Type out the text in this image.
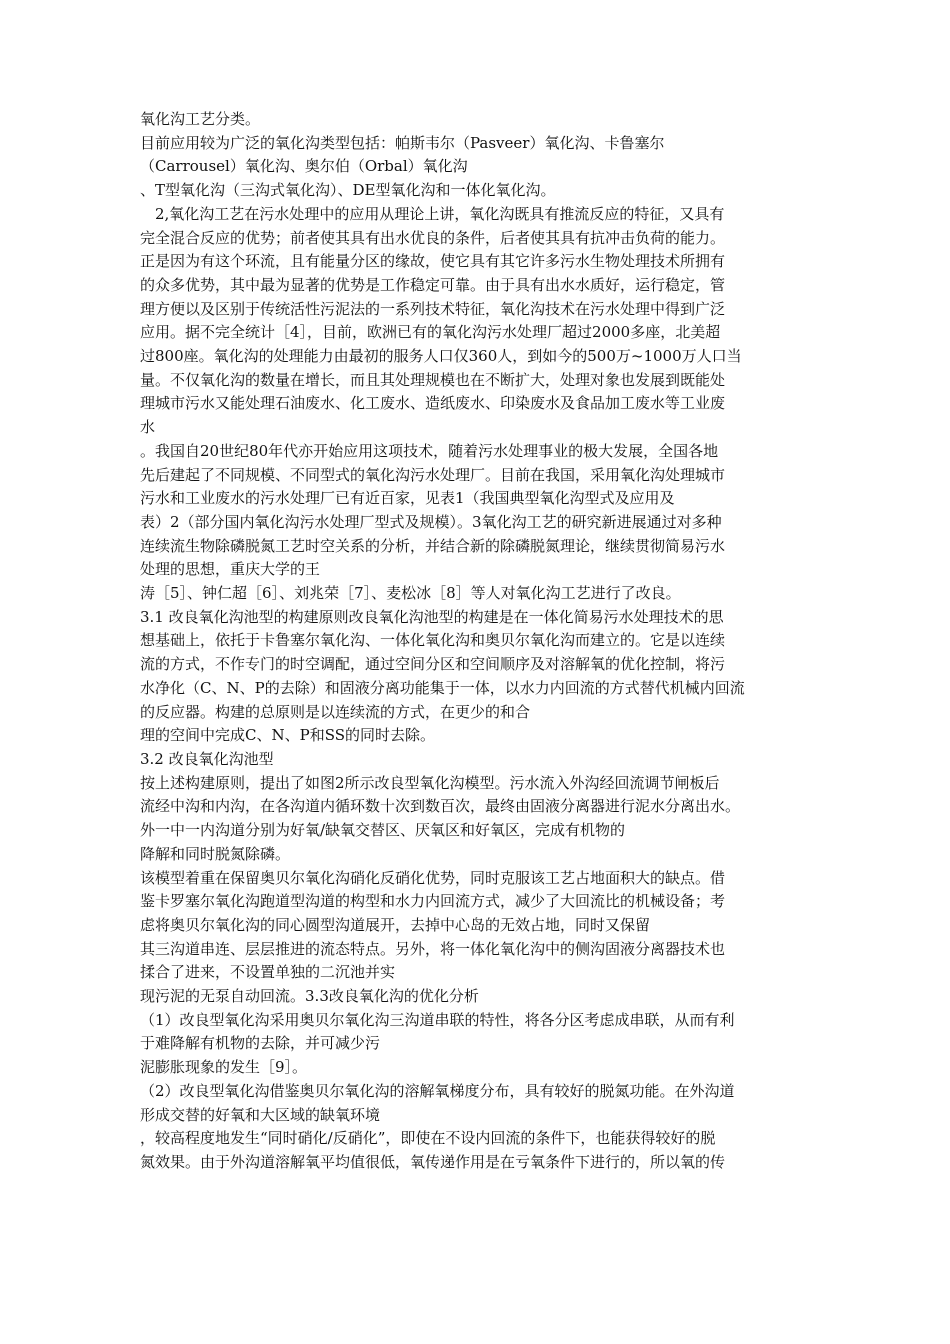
氧化沟工艺分类。
目前应用较为广泛的氧化沟类型包括：帕斯韦尔（Pasveer）氧化沟、卡鲁塞尔
（Carrousel）氧化沟、奥尔伯（Orbal）氧化沟
、T型氧化沟（三沟式氧化沟）、DE型氧化沟和一体化氧化沟。
　2,氧化沟工艺在污水处理中的应用从理论上讲，氧化沟既具有推流反应的特征，又具有
完全混合反应的优势；前者使其具有出水优良的条件，后者使其具有抗冲击负荷的能力。
正是因为有这个环流，且有能量分区的缘故，使它具有其它许多污水生物处理技术所拥有
的众多优势，其中最为显著的优势是工作稳定可靠。由于具有出水水质好，运行稳定，管
理方便以及区别于传统活性污泥法的一系列技术特征，氧化沟技术在污水处理中得到广泛
应用。据不完全统计［4］，目前，欧洲已有的氧化沟污水处理厂超过2000多座，北美超
过800座。氧化沟的处理能力由最初的服务人口仅360人，到如今的500万~1000万人口当
量。不仅氧化沟的数量在增长，而且其处理规模也在不断扩大，处理对象也发展到既能处
理城市污水又能处理石油废水、化工废水、造纸废水、印染废水及食品加工废水等工业废
水
。我国自20世纪80年代亦开始应用这项技术，随着污水处理事业的极大发展，全国各地
先后建起了不同规模、不同型式的氧化沟污水处理厂。目前在我国，采用氧化沟处理城市
污水和工业废水的污水处理厂已有近百家，见表1（我国典型氧化沟型式及应用及
表）2（部分国内氧化沟污水处理厂型式及规模）。3氧化沟工艺的研究新进展通过对多种
连续流生物除磷脱氮工艺时空关系的分析，并结合新的除磷脱氮理论，继续贯彻简易污水
处理的思想，重庆大学的王
涛［5］、钟仁超［6］、刘兆荣［7］、麦松冰［8］等人对氧化沟工艺进行了改良。
3.1 改良氧化沟池型的构建原则改良氧化沟池型的构建是在一体化简易污水处理技术的思
想基础上，依托于卡鲁塞尔氧化沟、一体化氧化沟和奥贝尔氧化沟而建立的。它是以连续
流的方式，不作专门的时空调配，通过空间分区和空间顺序及对溶解氧的优化控制，将污
水净化（C、N、P的去除）和固液分离功能集于一体，以水力内回流的方式替代机械内回流
的反应器。构建的总原则是以连续流的方式，在更少的和合
理的空间中完成C、N、P和SS的同时去除。
3.2 改良氧化沟池型
按上述构建原则，提出了如图2所示改良型氧化沟模型。污水流入外沟经回流调节闸板后
流经中沟和内沟，在各沟道内循环数十次到数百次，最终由固液分离器进行泥水分离出水。
外一中一内沟道分别为好氧/缺氧交替区、厌氧区和好氧区，完成有机物的
降解和同时脱氮除磷。
该模型着重在保留奥贝尔氧化沟硝化反硝化优势，同时克服该工艺占地面积大的缺点。借
鉴卡罗塞尔氧化沟跑道型沟道的构型和水力内回流方式，减少了大回流比的机械设备；考
虑将奥贝尔氧化沟的同心圆型沟道展开，去掉中心岛的无效占地，同时又保留
其三沟道串连、层层推进的流态特点。另外，将一体化氧化沟中的侧沟固液分离器技术也
揉合了进来，不设置单独的二沉池并实
现污泥的无泵自动回流。3.3改良氧化沟的优化分析
（1）改良型氧化沟采用奥贝尔氧化沟三沟道串联的特性，将各分区考虑成串联，从而有利
于难降解有机物的去除，并可减少污
泥膨胀现象的发生［9］。
（2）改良型氧化沟借鉴奥贝尔氧化沟的溶解氧梯度分布，具有较好的脱氮功能。在外沟道
形成交替的好氧和大区域的缺氧环境
，较高程度地发生“同时硝化/反硝化”，即使在不设内回流的条件下，也能获得较好的脱
氮效果。由于外沟道溶解氧平均值很低，氧传递作用是在亏氧条件下进行的，所以氧的传
